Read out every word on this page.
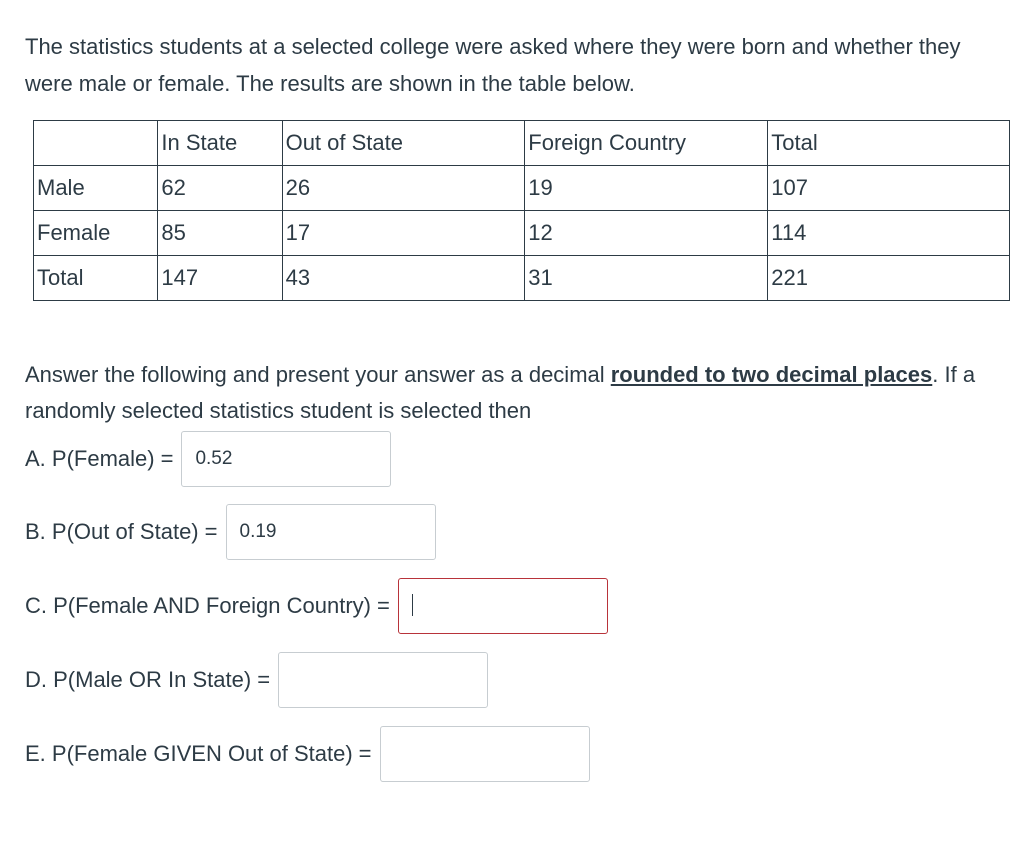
The statistics students at a selected college were asked where they were born and whether they were male or female. The results are shown in the table below.

	In State	Out of State	Foreign Country	Total
Male	62	26	19	107
Female	85	17	12	114
Total	147	43	31	221

Answer the following and present your answer as a decimal rounded to two decimal places. If a randomly selected statistics student is selected then

A. P(Female) =	0.52
B. P(Out of State) =	0.19
C. P(Female AND Foreign Country) =
D. P(Male OR In State) =
E. P(Female GIVEN Out of State) =
